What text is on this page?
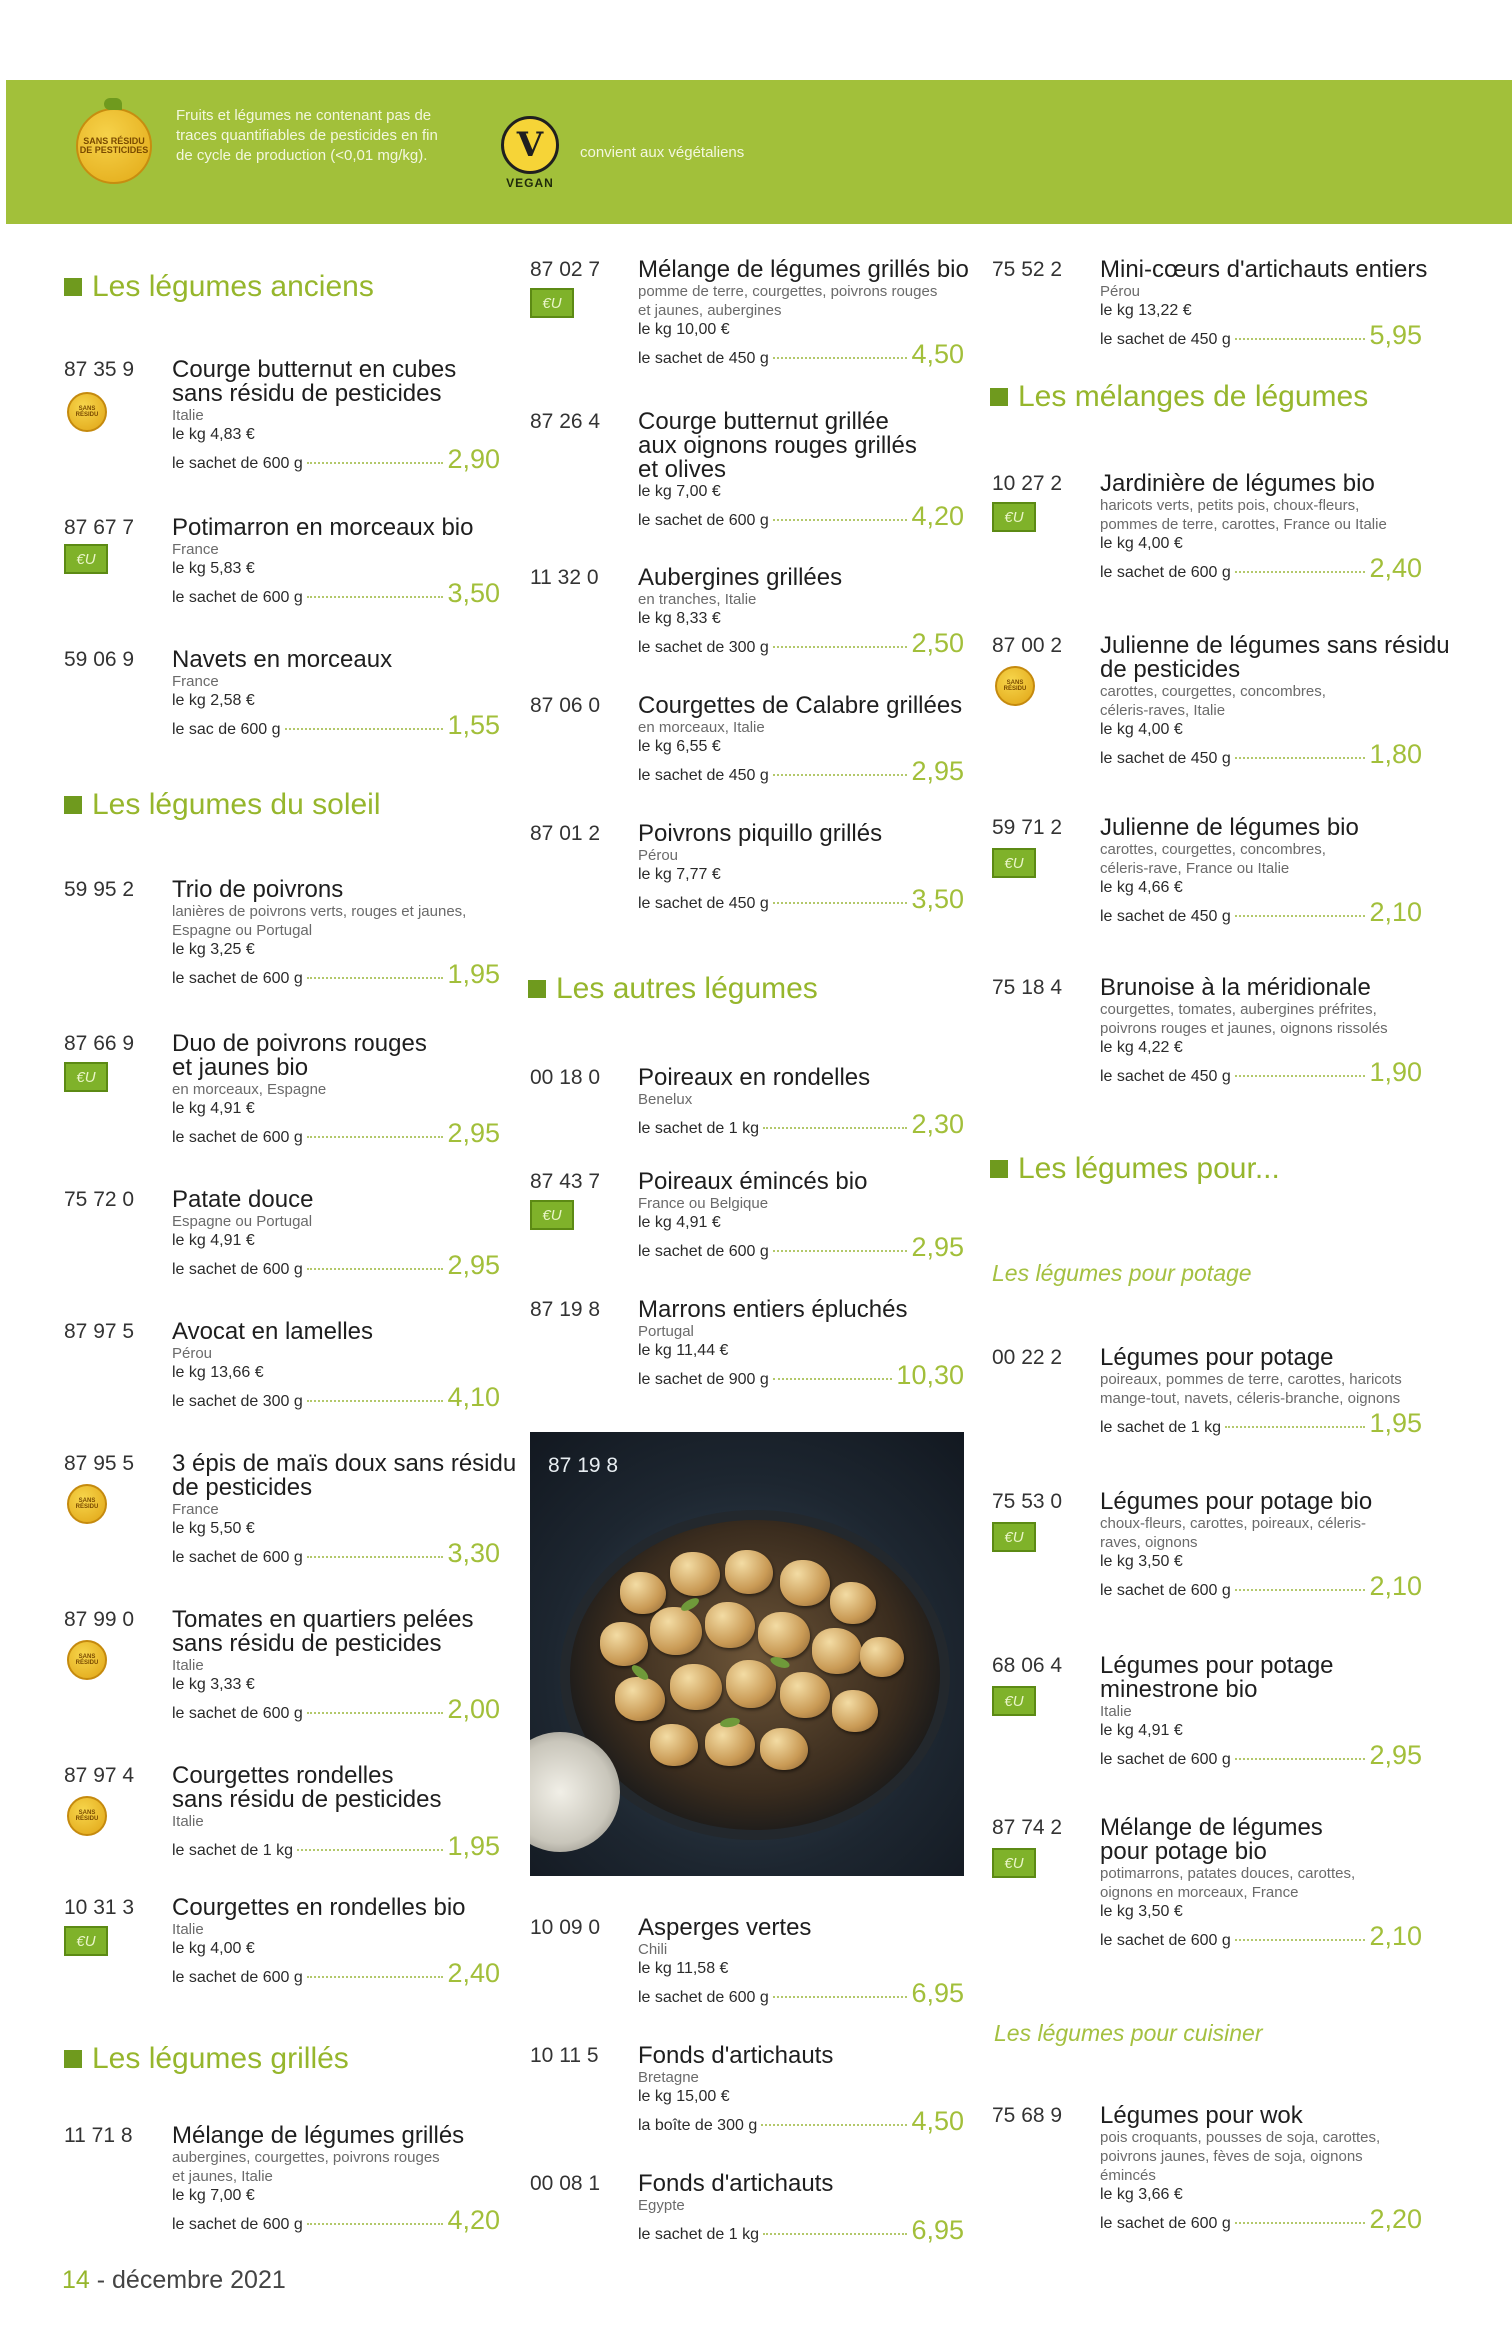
SANS RÉSIDU DE PESTICIDES
Fruits et légumes ne contenant pas de traces quantifiables de pesticides en fin de cycle de production (<0,01 mg/kg).	V
VEGAN
convient aux végétaliens
Les légumes anciens
Les légumes du soleil
Les légumes grillés
Les autres légumes
Les mélanges de légumes
Les légumes pour...
Les légumes pour potage
Les légumes pour cuisiner
87 35 9
SANS RÉSIDU
Courge butternut en cubes
sans résidu de pesticides
Italie
le kg 4,83 €
le sachet de 600 g	2,90
87 67 7
€U
Potimarron en morceaux bio
France
le kg 5,83 €
le sachet de 600 g	3,50
59 06 9 Navets en morceaux
France
le kg 2,58 €
le sac de 600 g	1,55
59 95 2 Trio de poivrons
lanières de poivrons verts, rouges et jaunes,
Espagne ou Portugal
le kg 3,25 €
le sachet de 600 g	1,95
87 66 9
€U
Duo de poivrons rouges
et jaunes bio
en morceaux, Espagne
le kg 4,91 €
le sachet de 600 g	2,95
75 72 0 Patate douce
Espagne ou Portugal
le kg 4,91 €
le sachet de 600 g	2,95
87 97 5 Avocat en lamelles
Pérou
le kg 13,66 €
le sachet de 300 g	4,10
87 95 5
SANS RÉSIDU
3 épis de maïs doux sans résidu
de pesticides
France
le kg 5,50 €
le sachet de 600 g	3,30
87 99 0
SANS RÉSIDU
Tomates en quartiers pelées
sans résidu de pesticides
Italie
le kg 3,33 €
le sachet de 600 g	2,00
87 97 4
SANS RÉSIDU
Courgettes rondelles
sans résidu de pesticides
Italie
le sachet de 1 kg	1,95
10 31 3
€U
Courgettes en rondelles bio
Italie
le kg 4,00 €
le sachet de 600 g	2,40
11 71 8 Mélange de légumes grillés
aubergines, courgettes, poivrons rouges
et jaunes, Italie
le kg 7,00 €
le sachet de 600 g	4,20
87 02 7
€U
Mélange de légumes grillés bio
pomme de terre, courgettes, poivrons rouges
et jaunes, aubergines
le kg 10,00 €
le sachet de 450 g	4,50
87 26 4 Courge butternut grillée
aux oignons rouges grillés
et olives
le kg 7,00 €
le sachet de 600 g	4,20
11 32 0 Aubergines grillées
en tranches, Italie
le kg 8,33 €
le sachet de 300 g	2,50
87 06 0 Courgettes de Calabre grillées
en morceaux, Italie
le kg 6,55 €
le sachet de 450 g	2,95
87 01 2 Poivrons piquillo grillés
Pérou
le kg 7,77 €
le sachet de 450 g	3,50
00 18 0 Poireaux en rondelles
Benelux
le sachet de 1 kg	2,30
87 43 7
€U
Poireaux émincés bio
France ou Belgique
le kg 4,91 €
le sachet de 600 g	2,95
87 19 8 Marrons entiers épluchés
Portugal
le kg 11,44 €
le sachet de 900 g	10,30
87 19 8
10 09 0 Asperges vertes
Chili
le kg 11,58 €
le sachet de 600 g	6,95
10 11 5 Fonds d'artichauts
Bretagne
le kg 15,00 €
la boîte de 300 g	4,50
00 08 1 Fonds d'artichauts
Egypte
le sachet de 1 kg	6,95
75 52 2 Mini-cœurs d'artichauts entiers
Pérou
le kg 13,22 €
le sachet de 450 g	5,95
10 27 2
€U
Jardinière de légumes bio
haricots verts, petits pois, choux-fleurs,
pommes de terre, carottes, France ou Italie
le kg 4,00 €
le sachet de 600 g	2,40
87 00 2
SANS RÉSIDU
Julienne de légumes sans résidu
de pesticides
carottes, courgettes, concombres,
céleris-raves, Italie
le kg 4,00 €
le sachet de 450 g	1,80
59 71 2
€U
Julienne de légumes bio
carottes, courgettes, concombres,
céleris-rave, France ou Italie
le kg 4,66 €
le sachet de 450 g	2,10
75 18 4 Brunoise à la méridionale
courgettes, tomates, aubergines préfrites,
poivrons rouges et jaunes, oignons rissolés
le kg 4,22 €
le sachet de 450 g	1,90
00 22 2 Légumes pour potage
poireaux, pommes de terre, carottes, haricots
mange-tout, navets, céleris-branche, oignons
le sachet de 1 kg	1,95
75 53 0
€U
Légumes pour potage bio
choux-fleurs, carottes, poireaux, céleris-
raves, oignons
le kg 3,50 €
le sachet de 600 g	2,10
68 06 4
€U
Légumes pour potage
minestrone bio
Italie
le kg 4,91 €
le sachet de 600 g	2,95
87 74 2
€U
Mélange de légumes
pour potage bio
potimarrons, patates douces, carottes,
oignons en morceaux, France
le kg 3,50 €
le sachet de 600 g	2,10
75 68 9 Légumes pour wok
pois croquants, pousses de soja, carottes,
poivrons jaunes, fèves de soja, oignons
émincés
le kg 3,66 €
le sachet de 600 g	2,20
14 - décembre 2021
